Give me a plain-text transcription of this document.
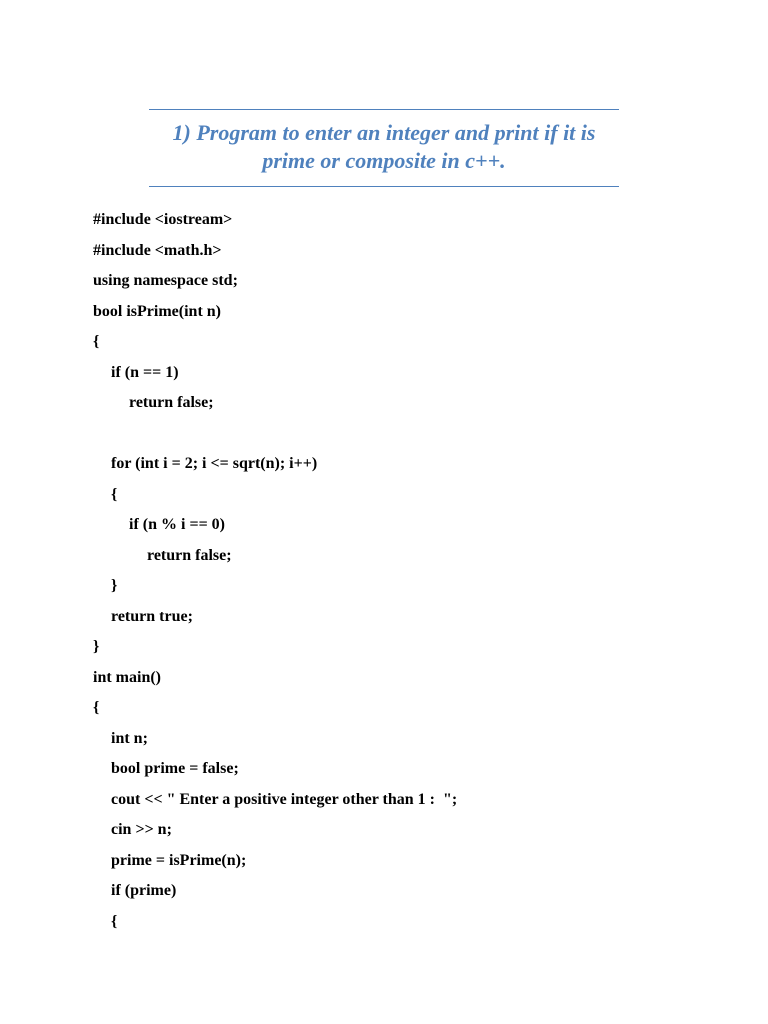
1) Program to enter an integer and print if it is
prime or composite in c++.
#include <iostream>
#include <math.h>
using namespace std;
bool isPrime(int n)
{
if (n == 1)
return false;
for (int i = 2; i <= sqrt(n); i++)
{
if (n % i == 0)
return false;
}
return true;
}
int main()
{
int n;
bool prime = false;
cout << " Enter a positive integer other than 1 :  ";
cin >> n;
prime = isPrime(n);
if (prime)
{
